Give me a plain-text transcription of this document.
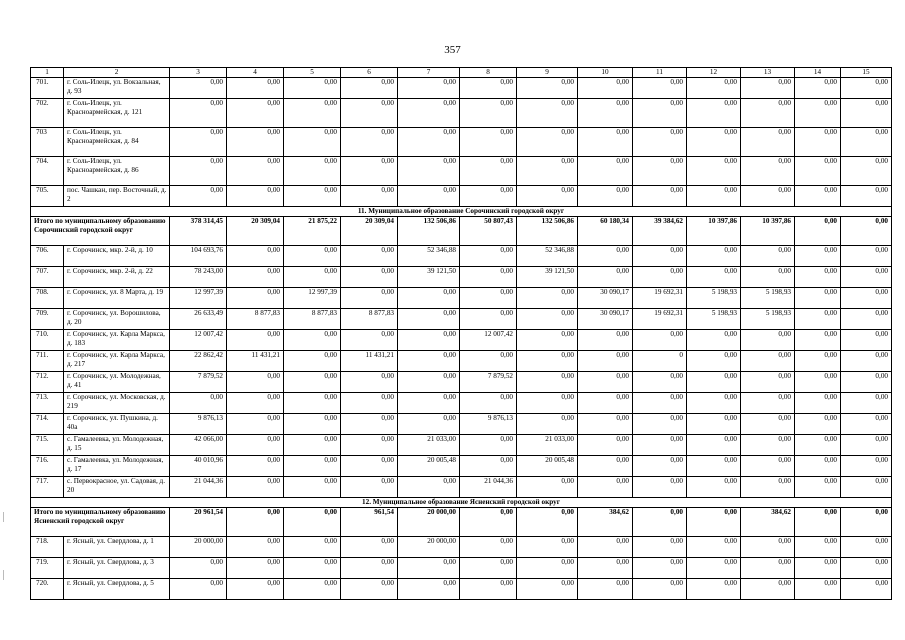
357
1	2	3	4	5	6	7	8	9	10	11	12	13	14	15
701.	г. Соль-Илецк, ул. Вокзальная, д. 93	0,00	0,00	0,00	0,00	0,00	0,00	0,00	0,00	0,00	0,00	0,00	0,00	0,00
702.	г. Соль-Илецк, ул. Красноармейская, д. 121	0,00	0,00	0,00	0,00	0,00	0,00	0,00	0,00	0,00	0,00	0,00	0,00	0,00
703	г. Соль-Илецк, ул. Красноармейская, д. 84	0,00	0,00	0,00	0,00	0,00	0,00	0,00	0,00	0,00	0,00	0,00	0,00	0,00
704.	г. Соль-Илецк, ул. Красноармейская, д. 86	0,00	0,00	0,00	0,00	0,00	0,00	0,00	0,00	0,00	0,00	0,00	0,00	0,00
705.	пос. Чашкан, пер. Восточный, д. 2	0,00	0,00	0,00	0,00	0,00	0,00	0,00	0,00	0,00	0,00	0,00	0,00	0,00
11. Муниципальное образование Сорочинский городской округ														
Итого по муниципальному образованию Сорочинский городской округ		378 314,45	20 309,04	21 875,22	20 309,04	132 506,86	50 807,43	132 506,86	60 180,34	39 384,62	10 397,86	10 397,86	0,00	0,00
706.	г. Сорочинск, мкр. 2-й, д. 10	104 693,76	0,00	0,00	0,00	52 346,88	0,00	52 346,88	0,00	0,00	0,00	0,00	0,00	0,00
707.	г. Сорочинск, мкр. 2-й, д. 22	78 243,00	0,00	0,00	0,00	39 121,50	0,00	39 121,50	0,00	0,00	0,00	0,00	0,00	0,00
708.	г. Сорочинск, ул. 8 Марта, д. 19	12 997,39	0,00	12 997,39	0,00	0,00	0,00	0,00	30 090,17	19 692,31	5 198,93	5 198,93	0,00	0,00
709.	г. Сорочинск, ул. Ворошилова, д. 20	26 633,49	8 877,83	8 877,83	8 877,83	0,00	0,00	0,00	30 090,17	19 692,31	5 198,93	5 198,93	0,00	0,00
710.	г. Сорочинск, ул. Карла Маркса, д. 183	12 007,42	0,00	0,00	0,00	0,00	12 007,42	0,00	0,00	0,00	0,00	0,00	0,00	0,00
711.	г. Сорочинск, ул. Карла Маркса, д. 217	22 862,42	11 431,21	0,00	11 431,21	0,00	0,00	0,00	0,00	0	0,00	0,00	0,00	0,00
712.	г. Сорочинск, ул. Молодежная, д. 41	7 879,52	0,00	0,00	0,00	0,00	7 879,52	0,00	0,00	0,00	0,00	0,00	0,00	0,00
713.	г. Сорочинск, ул. Московская, д. 219	0,00	0,00	0,00	0,00	0,00	0,00	0,00	0,00	0,00	0,00	0,00	0,00	0,00
714.	г. Сорочинск, ул. Пушкина, д. 40а	9 876,13	0,00	0,00	0,00	0,00	9 876,13	0,00	0,00	0,00	0,00	0,00	0,00	0,00
715.	с. Гамалеевка, ул. Молодежная, д. 15	42 066,00	0,00	0,00	0,00	21 033,00	0,00	21 033,00	0,00	0,00	0,00	0,00	0,00	0,00
716.	с. Гамалеевка, ул. Молодежная, д. 17	40 010,96	0,00	0,00	0,00	20 005,48	0,00	20 005,48	0,00	0,00	0,00	0,00	0,00	0,00
717.	с. Первокрасное, ул. Садовая, д. 20	21 044,36	0,00	0,00	0,00	0,00	21 044,36	0,00	0,00	0,00	0,00	0,00	0,00	0,00
12. Муниципальное образование Ясненский городской округ														
Итого по муниципальному образованию Ясненский городской округ		20 961,54	0,00	0,00	961,54	20 000,00	0,00	0,00	384,62	0,00	0,00	384,62	0,00	0,00
718.	г. Ясный, ул. Свердлова, д. 1	20 000,00	0,00	0,00	0,00	20 000,00	0,00	0,00	0,00	0,00	0,00	0,00	0,00	0,00
719.	г. Ясный, ул. Свердлова, д. 3	0,00	0,00	0,00	0,00	0,00	0,00	0,00	0,00	0,00	0,00	0,00	0,00	0,00
720.	г. Ясный, ул. Свердлова, д. 5	0,00	0,00	0,00	0,00	0,00	0,00	0,00	0,00	0,00	0,00	0,00	0,00	0,00
